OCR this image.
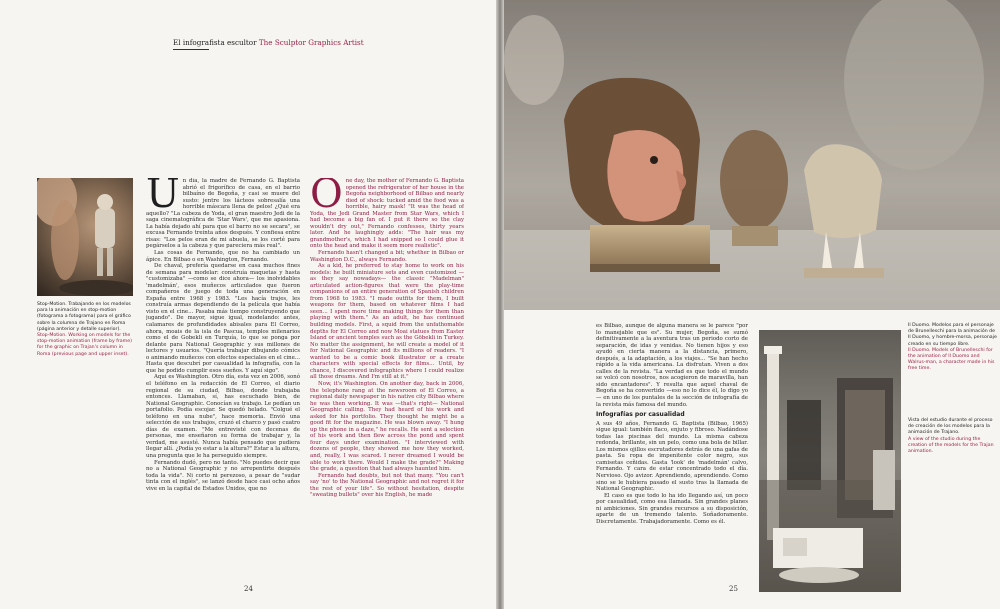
El infografista escultor The Sculptor Graphics Artist
Stop-Motion. Trabajando en los modelos para la animación en stop-motion (fotograma a fotograma) para el gráfico sobre la columna de Trajano en Roma (página anterior y detalle superior).
Stop-Motion. Working on models for the stop-motion animation (frame by frame) for the graphic on Trajan's column in Roma (previous page and upper inset).

Un día, la madre de Fernando G. Baptista abrió el frigorífico de casa, en el barrio bilbaíno de Begoña, y casi se muere del susto: jentre los lácteos sobresalía una horrible máscara llena de pelos! ¿Qué era aquello? "La cabeza de Yoda, el gran maestro Jedi de la saga cinematográfica de 'Star Wars', que me apasiona. La había dejado ahí para que el barro no se secara", se excusa Fernando treinta años después. Y confiesa entre risas: "Los pelos eran de mi abuela, se los corté para pegárselos a la cabeza y que pareciera más real".

Las cosas de Fernando, que no ha cambiado un ápice. En Bilbao o en Washington, Fernando.

De chaval, prefería quedarse en casa muchos fines de semana para modelar: construía maquetas y hasta "customizaba" —como se dice ahora— los inolvidables 'madelmán', esos muñecos articulados que fueron compañeros de juego de toda una generación en España entre 1968 y 1983. "Les hacía trajes, les construía armas dependiendo de la película que había visto en el cine... Pasaba más tiempo construyendo que jugando". De mayor, sigue igual, modelando: antes, calamares de profundidades abisales para El Correo, ahora, moais de la isla de Pascua, templos milenarios como el de Gobekli en Turquía, lo que se ponga por delante para National Geographic y sus millones de lectores y usuarios. "Quería trabajar dibujando cómics o animando muñecos con efectos especiales en el cine... Hasta que descubrí por casualidad la infografía, con la que he podido cumplir esos sueños. Y aquí sigo".

Aquí es Washington. Otro día, esta vez en 2006, sonó el teléfono en la redacción de El Correo, el diario regional de su ciudad, Bilbao, donde trabajaba entonces. Llamaban, sí, has escuchado bien, de National Geographic. Conocían su trabajo. Le pedían un portafolio. Podía escojar. Se quedó helado. "Colgué el teléfono en una nube", hace memoria. Envió una selección de sus trabajos, cruzó el charco y pasó cuatro días de examen. "Me entrevisté con decenas de personas, me enseñaron su forma de trabajar y, la verdad, me asusté. Nunca había pensado que pudiera llegar allí. ¿Podía yo estar a la altura?" Estar a la altura, una pregunta que le ha perseguido siempre.

Fernando dudó, pero no tanto. "No puedes decir que no a National Geographic y no arrepentirte después toda la vida". Ni corto ni perezoso, a pesar de "sudar tinta con el inglés", se lanzó desde hace casi ocho años vive en la capital de Estados Unidos, que no

One day, the mother of Fernando G. Baptista opened the refrigerator of her house in the Begoña neighborhood of Bilbao and nearly died of shock: tucked amid the food was a horrible, hairy mask! "It was the head of Yoda, the Jedi Grand Master from Star Wars, which I had become a big fan of. I put it there so the clay wouldn't dry out," Fernando confesses, thirty years later. And he laughingly adds: "The hair was my grandmother's, which I had snipped so I could glue it onto the head and make it seem more realistic".

Fernando hasn't changed a bit; whether in Bilbao or Washington D.C., always Fernando.

As a kid, he preferred to stay home to work on his models: he built miniature sets and even customized —as they say nowadays— the classic "Madelman" articulated action-figures that were the play-time companions of an entire generation of Spanish children from 1968 to 1983. "I made outfits for them, I built weapons for them, based on whatever films I had seen... I spent more time making things for them than playing with them." As an adult, he has continued building models. First, a squid from the unfathomable depths for El Correo and now Moai statues from Easter Island or ancient temples such as the Göbekli in Turkey. No matter the assignment, he will create a model of it for National Geographic and its millions of readers. "I wanted to be a comic book illustrator or a create characters with special effects for films... Until, by chance, I discovered infographics where I could realize all those dreams. And I'm still at it."

Now, it's Washington. On another day, back in 2006, the telephone rang at the newsroom of El Correo, a regional daily newspaper in his native city Bilbao where he was then working. It was —that's right— National Geographic calling. They had heard of his work and asked for his portfolio. They thought he might be a good fit for the magazine. He was blown away. "I hung up the phone in a daze," he recalls. He sent a selection of his work and then flew across the pond and spent four days under examination. "I interviewed with dozens of people, they showed me how they worked, and, really, I was scared. I never dreamed I would be able to work there. Would I make the grade?" Making the grade, a question that had always haunted him.

Fernando had doubts, but not that many. "You can't say 'no' to the National Geographic and not regret it for the rest of your life". So without hesitation, despite "sweating bullets" over his English, he made

24

es Bilbao, aunque de alguna manera se le parece "por lo manejable que es". Su mujer, Begoña, se sumó definitivamente a la aventura tras un periodo corto de separación, de idas y venidas. No tienen hijos y eso ayudó en cierta manera a la distancia, primero, después, a la adaptación, a los viajes... "Se han hecho rápido a la vida americana. La disfrutan. Viven a dos calles de la revista. "La verdad es que todo el mundo se volcó con nosotros, nos acogieron de maravilla, han sido encantadores". Y resulta que aquel chaval de Begoña se ha convertido —eso no lo dice él, lo digo yo— en uno de los puntales de la sección de infografía de la revista más famosa del mundo.

Infografías por casualidad

A sus 49 años, Fernando G. Baptista (Bilbao, 1965) sigue igual: también flaco, enjuto y fibroso. Nadándose todas las piscinas del mundo. La misma cabeza redonda, brillante, sin un pelo, como una bola de billar. Los mismos ojillos escrutadores detrás de una gafas de pasta. Su ropa de impenitente color negro, sus camisetas ceñidas. Gasta 'look' de 'madelmán' calvo, Fernando. Y cara de estar concentrado todo el día. Nervioso. Ojo avizor. Aprendiendo, aprendiendo. Como sino se le hubiera pasado el susto tras la llamada de National Geographic.

El caso es que todo lo ha ido llegando así, un poco por casualidad, como esa llamada. Sin grandes planes ni ambiciones. Sin grandes recursos a su disposición, aparte de un tremendo talento. Soñadoramente. Discretamente. Trabajadoramente. Como es él.

Il Duomo. Modelos para el personaje de Brunelleschi para la animación de Il Duomo, y hombre-morsa, personaje creado en su tiempo libre.
Il Duomo. Models of Brunelleschi for the animation of Il Duomo and Walrus-man, a character made in his free time.
Vista del estudio durante el proceso de creación de los modelos para la animación de Trajano.
A view of the studio during the creation of the models for the Trajan animation.
25
